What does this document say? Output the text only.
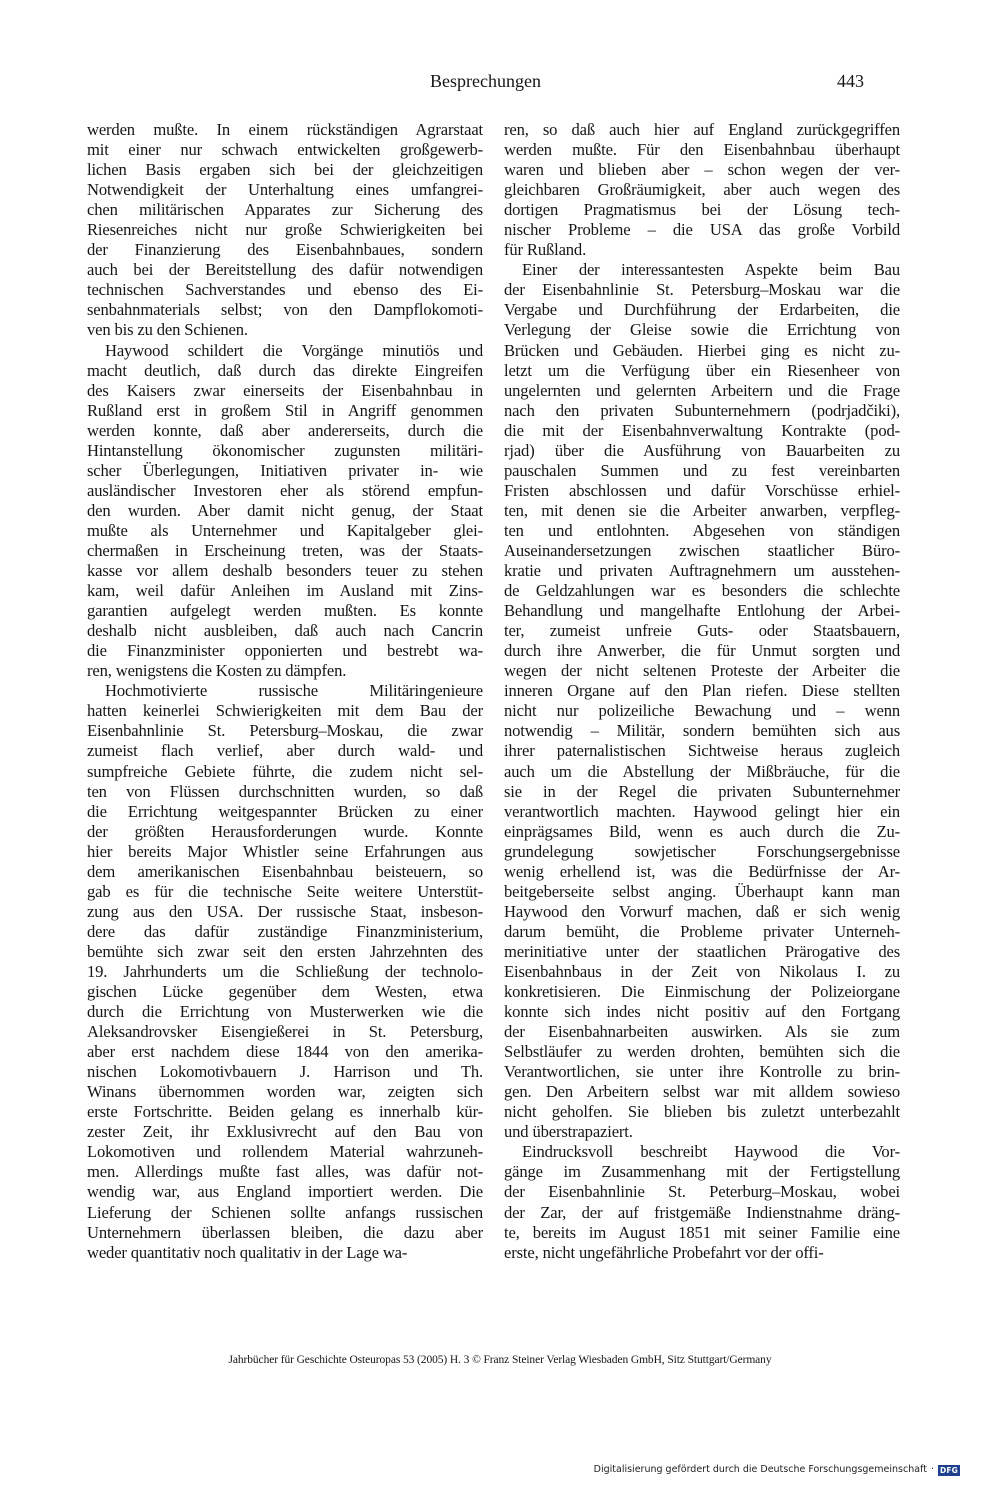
Besprechungen	443
werden mußte. In einem rückständigen Agrarstaat
mit einer nur schwach entwickelten großgewerb-
lichen Basis ergaben sich bei der gleichzeitigen
Notwendigkeit der Unterhaltung eines umfangrei-
chen militärischen Apparates zur Sicherung des
Riesenreiches nicht nur große Schwierigkeiten bei
der Finanzierung des Eisenbahnbaues, sondern
auch bei der Bereitstellung des dafür notwendigen
technischen Sachverstandes und ebenso des Ei-
senbahnmaterials selbst; von den Dampflokomoti-
ven bis zu den Schienen.
Haywood schildert die Vorgänge minutiös und
macht deutlich, daß durch das direkte Eingreifen
des Kaisers zwar einerseits der Eisenbahnbau in
Rußland erst in großem Stil in Angriff genommen
werden konnte, daß aber andererseits, durch die
Hintanstellung ökonomischer zugunsten militäri-
scher Überlegungen, Initiativen privater in- wie
ausländischer Investoren eher als störend empfun-
den wurden. Aber damit nicht genug, der Staat
mußte als Unternehmer und Kapitalgeber glei-
chermaßen in Erscheinung treten, was der Staats-
kasse vor allem deshalb besonders teuer zu stehen
kam, weil dafür Anleihen im Ausland mit Zins-
garantien aufgelegt werden mußten. Es konnte
deshalb nicht ausbleiben, daß auch nach Cancrin
die Finanzminister opponierten und bestrebt wa-
ren, wenigstens die Kosten zu dämpfen.
Hochmotivierte russische Militäringenieure
hatten keinerlei Schwierigkeiten mit dem Bau der
Eisenbahnlinie St. Petersburg–Moskau, die zwar
zumeist flach verlief, aber durch wald- und
sumpfreiche Gebiete führte, die zudem nicht sel-
ten von Flüssen durchschnitten wurden, so daß
die Errichtung weitgespannter Brücken zu einer
der größten Herausforderungen wurde. Konnte
hier bereits Major Whistler seine Erfahrungen aus
dem amerikanischen Eisenbahnbau beisteuern, so
gab es für die technische Seite weitere Unterstüt-
zung aus den USA. Der russische Staat, insbeson-
dere das dafür zuständige Finanzministerium,
bemühte sich zwar seit den ersten Jahrzehnten des
19. Jahrhunderts um die Schließung der technolo-
gischen Lücke gegenüber dem Westen, etwa
durch die Errichtung von Musterwerken wie die
Aleksandrovsker Eisengießerei in St. Petersburg,
aber erst nachdem diese 1844 von den amerika-
nischen Lokomotivbauern J. Harrison und Th.
Winans übernommen worden war, zeigten sich
erste Fortschritte. Beiden gelang es innerhalb kür-
zester Zeit, ihr Exklusivrecht auf den Bau von
Lokomotiven und rollendem Material wahrzuneh-
men. Allerdings mußte fast alles, was dafür not-
wendig war, aus England importiert werden. Die
Lieferung der Schienen sollte anfangs russischen
Unternehmern überlassen bleiben, die dazu aber
weder quantitativ noch qualitativ in der Lage wa-
ren, so daß auch hier auf England zurückgegriffen
werden mußte. Für den Eisenbahnbau überhaupt
waren und blieben aber – schon wegen der ver-
gleichbaren Großräumigkeit, aber auch wegen des
dortigen Pragmatismus bei der Lösung tech-
nischer Probleme – die USA das große Vorbild
für Rußland.
Einer der interessantesten Aspekte beim Bau
der Eisenbahnlinie St. Petersburg–Moskau war die
Vergabe und Durchführung der Erdarbeiten, die
Verlegung der Gleise sowie die Errichtung von
Brücken und Gebäuden. Hierbei ging es nicht zu-
letzt um die Verfügung über ein Riesenheer von
ungelernten und gelernten Arbeitern und die Frage
nach den privaten Subunternehmern (podrjadčiki),
die mit der Eisenbahnverwaltung Kontrakte (pod-
rjad) über die Ausführung von Bauarbeiten zu
pauschalen Summen und zu fest vereinbarten
Fristen abschlossen und dafür Vorschüsse erhiel-
ten, mit denen sie die Arbeiter anwarben, verpfleg-
ten und entlohnten. Abgesehen von ständigen
Auseinandersetzungen zwischen staatlicher Büro-
kratie und privaten Auftragnehmern um ausstehen-
de Geldzahlungen war es besonders die schlechte
Behandlung und mangelhafte Entlohung der Arbei-
ter, zumeist unfreie Guts- oder Staatsbauern,
durch ihre Anwerber, die für Unmut sorgten und
wegen der nicht seltenen Proteste der Arbeiter die
inneren Organe auf den Plan riefen. Diese stellten
nicht nur polizeiliche Bewachung und – wenn
notwendig – Militär, sondern bemühten sich aus
ihrer paternalistischen Sichtweise heraus zugleich
auch um die Abstellung der Mißbräuche, für die
sie in der Regel die privaten Subunternehmer
verantwortlich machten. Haywood gelingt hier ein
einprägsames Bild, wenn es auch durch die Zu-
grundelegung sowjetischer Forschungsergebnisse
wenig erhellend ist, was die Bedürfnisse der Ar-
beitgeberseite selbst anging. Überhaupt kann man
Haywood den Vorwurf machen, daß er sich wenig
darum bemüht, die Probleme privater Unterneh-
merinitiative unter der staatlichen Prärogative des
Eisenbahnbaus in der Zeit von Nikolaus I. zu
konkretisieren. Die Einmischung der Polizeiorgane
konnte sich indes nicht positiv auf den Fortgang
der Eisenbahnarbeiten auswirken. Als sie zum
Selbstläufer zu werden drohten, bemühten sich die
Verantwortlichen, sie unter ihre Kontrolle zu brin-
gen. Den Arbeitern selbst war mit alldem sowieso
nicht geholfen. Sie blieben bis zuletzt unterbezahlt
und überstrapaziert.
Eindrucksvoll beschreibt Haywood die Vor-
gänge im Zusammenhang mit der Fertigstellung
der Eisenbahnlinie St. Peterburg–Moskau, wobei
der Zar, der auf fristgemäße Indienstnahme dräng-
te, bereits im August 1851 mit seiner Familie eine
erste, nicht ungefährliche Probefahrt vor der offi-
Jahrbücher für Geschichte Osteuropas 53 (2005) H. 3 © Franz Steiner Verlag Wiesbaden GmbH, Sitz Stuttgart/Germany
Digitalisierung gefördert durch die Deutsche Forschungsgemeinschaft · DFG
